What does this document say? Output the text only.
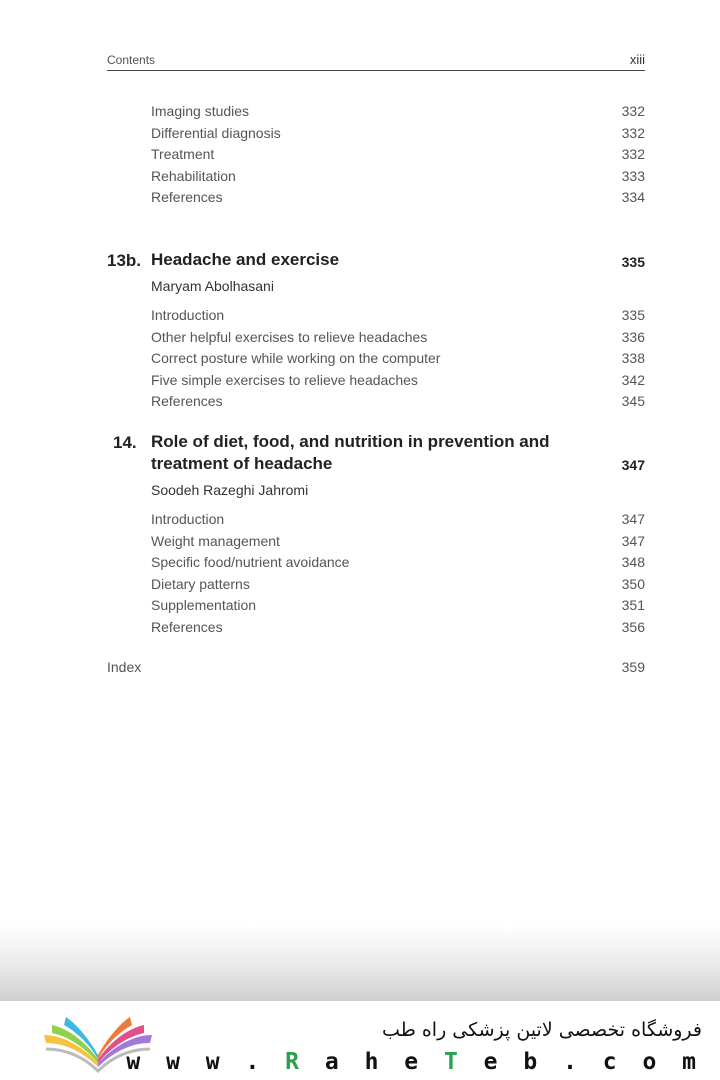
Contents	xiii
Imaging studies	332
Differential diagnosis	332
Treatment	332
Rehabilitation	333
References	334
13b. Headache and exercise	335
Maryam Abolhasani
Introduction	335
Other helpful exercises to relieve headaches	336
Correct posture while working on the computer	338
Five simple exercises to relieve headaches	342
References	345
14. Role of diet, food, and nutrition in prevention and
treatment of headache	347
Soodeh Razeghi Jahromi
Introduction	347
Weight management	347
Specific food/nutrient avoidance	348
Dietary patterns	350
Supplementation	351
References	356
Index	359
فروشگاه تخصصی لاتین پزشکی راه طب
w w w . R a h e T e b . c o m
